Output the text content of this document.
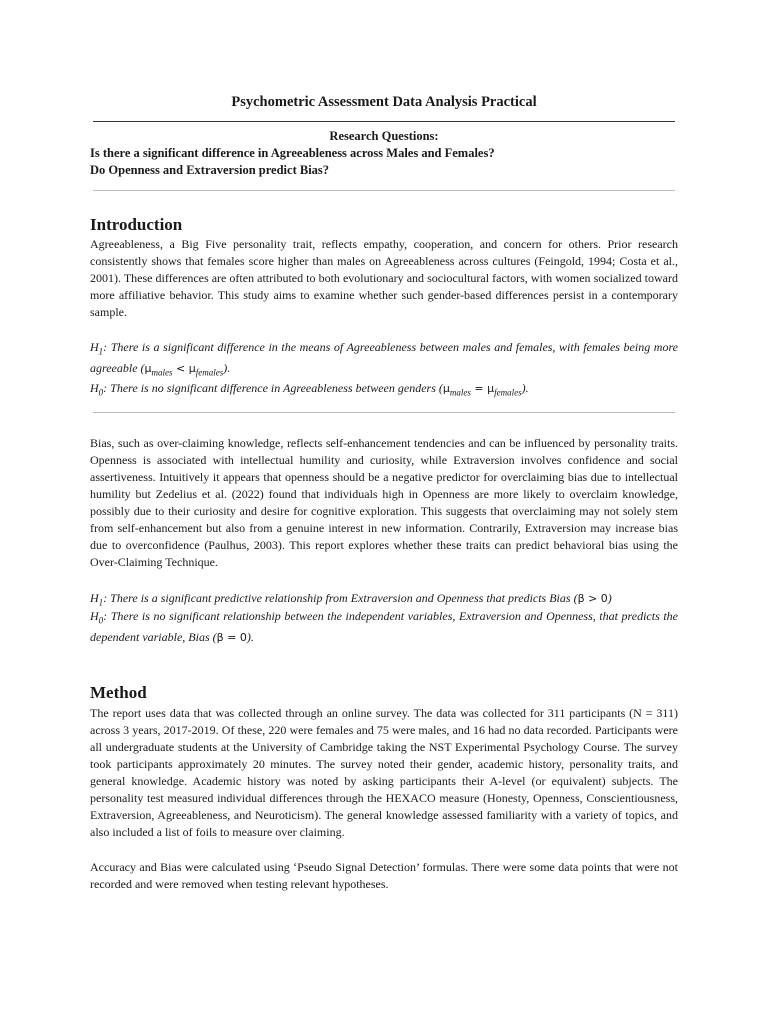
Psychometric Assessment Data Analysis Practical
Research Questions:
Is there a significant difference in Agreeableness across Males and Females?
Do Openness and Extraversion predict Bias?
Introduction

Agreeableness, a Big Five personality trait, reflects empathy, cooperation, and concern for others. Prior research consistently shows that females score higher than males on Agreeableness across cultures (Feingold, 1994; Costa et al., 2001). These differences are often attributed to both evolutionary and sociocultural factors, with women socialized toward more affiliative behavior. This study aims to examine whether such gender-based differences persist in a contemporary sample.

$H_1$: There is a significant difference in the means of Agreeableness between males and females, with females being more agreeable $(\mu_{males} < \mu_{females})$.

$H_0$: There is no significant difference in Agreeableness between genders $(\mu_{males} = \mu_{females})$.

Bias, such as over-claiming knowledge, reflects self-enhancement tendencies and can be influenced by personality traits. Openness is associated with intellectual humility and curiosity, while Extraversion involves confidence and social assertiveness. Intuitively it appears that openness should be a negative predictor for overclaiming bias due to intellectual humility but Zedelius et al. (2022) found that individuals high in Openness are more likely to overclaim knowledge, possibly due to their curiosity and desire for cognitive exploration. This suggests that overclaiming may not solely stem from self-enhancement but also from a genuine interest in new information. Contrarily, Extraversion may increase bias due to overconfidence (Paulhus, 2003). This report explores whether these traits can predict behavioral bias using the Over-Claiming Technique.

$H_1$: There is a significant predictive relationship from Extraversion and Openness that predicts Bias (β > 0)

$H_0$: There is no significant relationship between the independent variables, Extraversion and Openness, that predicts the dependent variable, Bias (β = 0).

Method

The report uses data that was collected through an online survey. The data was collected for 311 participants (N = 311) across 3 years, 2017-2019. Of these, 220 were females and 75 were males, and 16 had no data recorded. Participants were all undergraduate students at the University of Cambridge taking the NST Experimental Psychology Course. The survey took participants approximately 20 minutes. The survey noted their gender, academic history, personality traits, and general knowledge. Academic history was noted by asking participants their A-level (or equivalent) subjects. The personality test measured individual differences through the HEXACO measure (Honesty, Openness, Conscientiousness, Extraversion, Agreeableness, and Neuroticism). The general knowledge assessed familiarity with a variety of topics, and also included a list of foils to measure over claiming.

Accuracy and Bias were calculated using ‘Pseudo Signal Detection’ formulas. There were some data points that were not recorded and were removed when testing relevant hypotheses.
